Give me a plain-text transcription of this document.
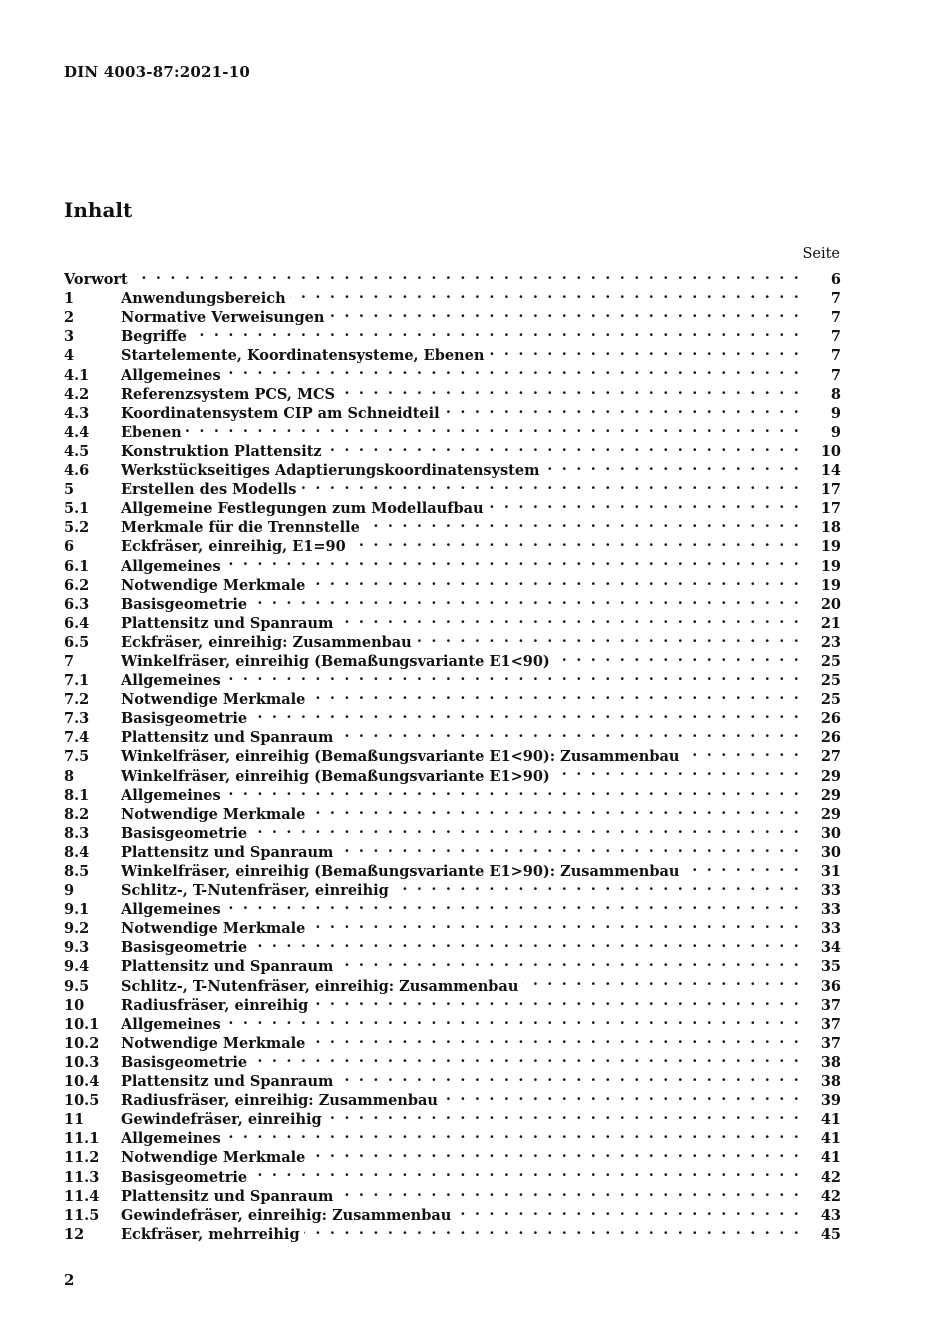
DIN 4003-87:2021-10
Inhalt
Seite
Vorwort . . .	6
1	Anwendungsbereich . . .	7
2	Normative Verweisungen . . .	7
3	Begriffe . . .	7
4	Startelemente, Koordinatensysteme, Ebenen . . .	7
4.1	Allgemeines . . .	7
4.2	Referenzsystem PCS, MCS . . .	8
4.3	Koordinatensystem CIP am Schneidteil . . .	9
4.4	Ebenen . . .	9
4.5	Konstruktion Plattensitz . . .	10
4.6	Werkstückseitiges Adaptierungskoordinatensystem . . .	14
5	Erstellen des Modells . . .	17
5.1	Allgemeine Festlegungen zum Modellaufbau . . .	17
5.2	Merkmale für die Trennstelle . . .	18
6	Eckfräser, einreihig, E1=90 . . .	19
6.1	Allgemeines . . .	19
6.2	Notwendige Merkmale . . .	19
6.3	Basisgeometrie . . .	20
6.4	Plattensitz und Spanraum . . .	21
6.5	Eckfräser, einreihig: Zusammenbau . . .	23
7	Winkelfräser, einreihig (Bemaßungsvariante E1<90) . . .	25
7.1	Allgemeines . . .	25
7.2	Notwendige Merkmale . . .	25
7.3	Basisgeometrie . . .	26
7.4	Plattensitz und Spanraum . . .	26
7.5	Winkelfräser, einreihig (Bemaßungsvariante E1<90): Zusammenbau . . .	27
8	Winkelfräser, einreihig (Bemaßungsvariante E1>90) . . .	29
8.1	Allgemeines . . .	29
8.2	Notwendige Merkmale . . .	29
8.3	Basisgeometrie . . .	30
8.4	Plattensitz und Spanraum . . .	30
8.5	Winkelfräser, einreihig (Bemaßungsvariante E1>90): Zusammenbau . . .	31
9	Schlitz-, T-Nutenfräser, einreihig . . .	33
9.1	Allgemeines . . .	33
9.2	Notwendige Merkmale . . .	33
9.3	Basisgeometrie . . .	34
9.4	Plattensitz und Spanraum . . .	35
9.5	Schlitz-, T-Nutenfräser, einreihig: Zusammenbau . . .	36
10	Radiusfräser, einreihig . . .	37
10.1	Allgemeines . . .	37
10.2	Notwendige Merkmale . . .	37
10.3	Basisgeometrie . . .	38
10.4	Plattensitz und Spanraum . . .	38
10.5	Radiusfräser, einreihig: Zusammenbau . . .	39
11	Gewindefräser, einreihig . . .	41
11.1	Allgemeines . . .	41
11.2	Notwendige Merkmale . . .	41
11.3	Basisgeometrie . . .	42
11.4	Plattensitz und Spanraum . . .	42
11.5	Gewindefräser, einreihig: Zusammenbau . . .	43
12	Eckfräser, mehrreihig . . .	45
2
